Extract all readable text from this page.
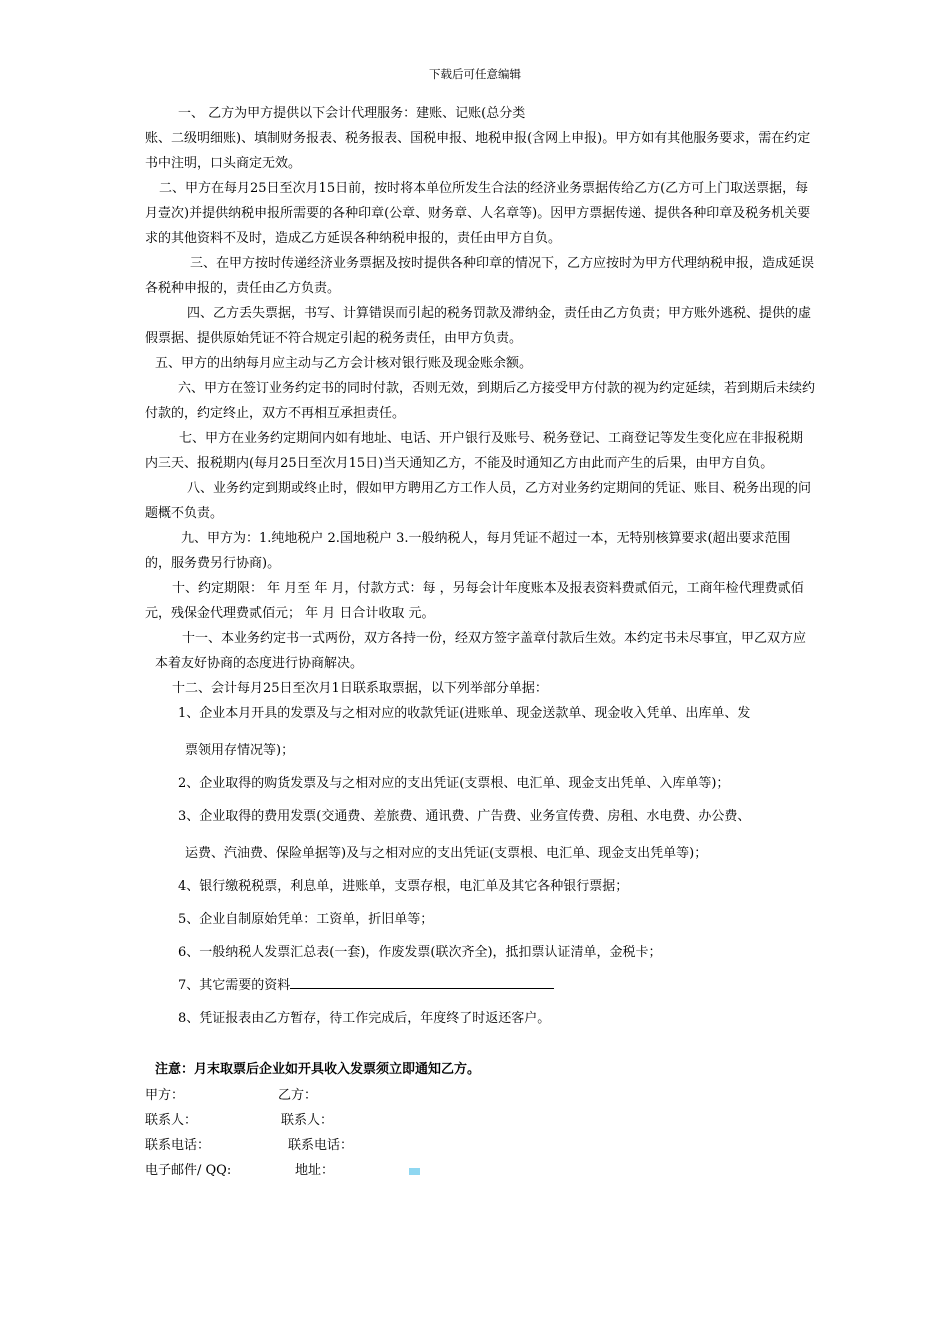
下载后可任意编辑

一、 乙方为甲方提供以下会计代理服务：建账、记账(总分类

账、二级明细账)、填制财务报表、税务报表、国税申报、地税申报(含网上申报)。甲方如有其他服务要求，需在约定书中注明，口头商定无效。

二、甲方在每月25日至次月15日前，按时将本单位所发生合法的经济业务票据传给乙方(乙方可上门取送票据，每月壹次)并提供纳税申报所需要的各种印章(公章、财务章、人名章等)。因甲方票据传递、提供各种印章及税务机关要求的其他资料不及时，造成乙方延误各种纳税申报的，责任由甲方自负。

三、在甲方按时传递经济业务票据及按时提供各种印章的情况下，乙方应按时为甲方代理纳税申报，造成延误各税种申报的，责任由乙方负责。

四、乙方丢失票据，书写、计算错误而引起的税务罚款及滞纳金，责任由乙方负责；甲方账外逃税、提供的虚假票据、提供原始凭证不符合规定引起的税务责任，由甲方负责。

五、甲方的出纳每月应主动与乙方会计核对银行账及现金账余额。

六、甲方在签订业务约定书的同时付款，否则无效，到期后乙方接受甲方付款的视为约定延续，若到期后未续约付款的，约定终止，双方不再相互承担责任。

七、甲方在业务约定期间内如有地址、电话、开户银行及账号、税务登记、工商登记等发生变化应在非报税期内三天、报税期内(每月25日至次月15日)当天通知乙方，不能及时通知乙方由此而产生的后果，由甲方自负。

八、业务约定到期或终止时，假如甲方聘用乙方工作人员，乙方对业务约定期间的凭证、账目、税务出现的问题概不负责。

九、甲方为：1.纯地税户 2.国地税户 3.一般纳税人，每月凭证不超过一本，无特别核算要求(超出要求范围的，服务费另行协商)。

十、约定期限： 年 月至 年 月，付款方式：每 ，另每会计年度账本及报表资料费贰佰元，工商年检代理费贰佰元，残保金代理费贰佰元； 年 月 日合计收取 元。

十一、本业务约定书一式两份，双方各持一份，经双方签字盖章付款后生效。本约定书未尽事宜，甲乙双方应本着友好协商的态度进行协商解决。

十二、会计每月25日至次月1日联系取票据，以下列举部分单据：

1、企业本月开具的发票及与之相对应的收款凭证(进账单、现金送款单、现金收入凭单、出库单、发
票领用存情况等)；

2、企业取得的购货发票及与之相对应的支出凭证(支票根、电汇单、现金支出凭单、入库单等)；

3、企业取得的费用发票(交通费、差旅费、通讯费、广告费、业务宣传费、房租、水电费、办公费、
运费、汽油费、保险单据等)及与之相对应的支出凭证(支票根、电汇单、现金支出凭单等)；

4、银行缴税税票，利息单，进账单，支票存根，电汇单及其它各种银行票据；

5、企业自制原始凭单：工资单，折旧单等；

6、一般纳税人发票汇总表(一套)，作废发票(联次齐全)，抵扣票认证清单，金税卡；

7、其它需要的资料

8、凭证报表由乙方暂存，待工作完成后，年度终了时返还客户。

注意：月末取票后企业如开具收入发票须立即通知乙方。
甲方：	乙方：
联系人：	联系人：
联系电话：	联系电话：
电子邮件/ QQ:	地址：
